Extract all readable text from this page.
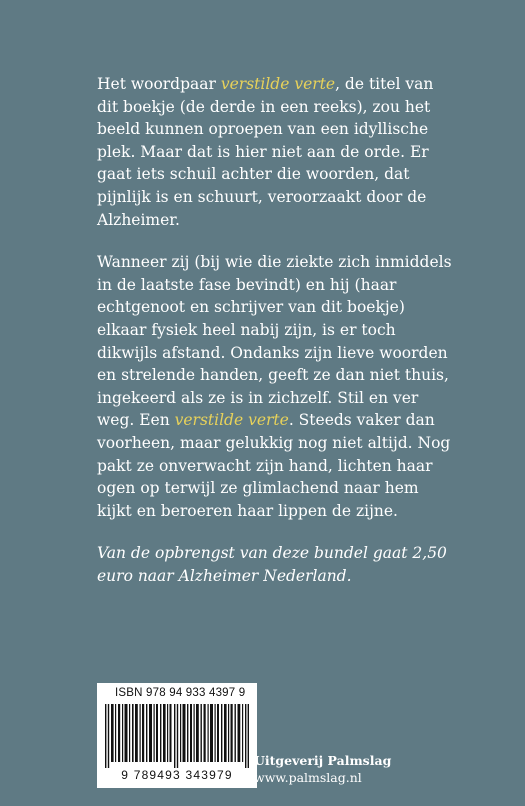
Het woordpaar verstilde verte, de titel van dit boekje (de derde in een reeks), zou het beeld kunnen oproepen van een idyllische plek. Maar dat is hier niet aan de orde. Er gaat iets schuil achter die woorden, dat pijnlijk is en schuurt, veroorzaakt door de Alzheimer.

Wanneer zij (bij wie die ziekte zich inmiddels in de laatste fase bevindt) en hij (haar echtgenoot en schrijver van dit boekje) elkaar fysiek heel nabij zijn, is er toch dikwijls afstand. Ondanks zijn lieve woorden en strelende handen, geeft ze dan niet thuis, ingekeerd als ze is in zichzelf. Stil en ver weg. Een verstilde verte. Steeds vaker dan voorheen, maar gelukkig nog niet altijd. Nog pakt ze onverwacht zijn hand, lichten haar ogen op terwijl ze glimlachend naar hem kijkt en beroeren haar lippen de zijne.

Van de opbrengst van deze bundel gaat 2,50 euro naar Alzheimer Nederland.

ISBN 978 94 933 4397 9
9 789493 343979
Uitgeverij Palmslag
www.palmslag.nl
